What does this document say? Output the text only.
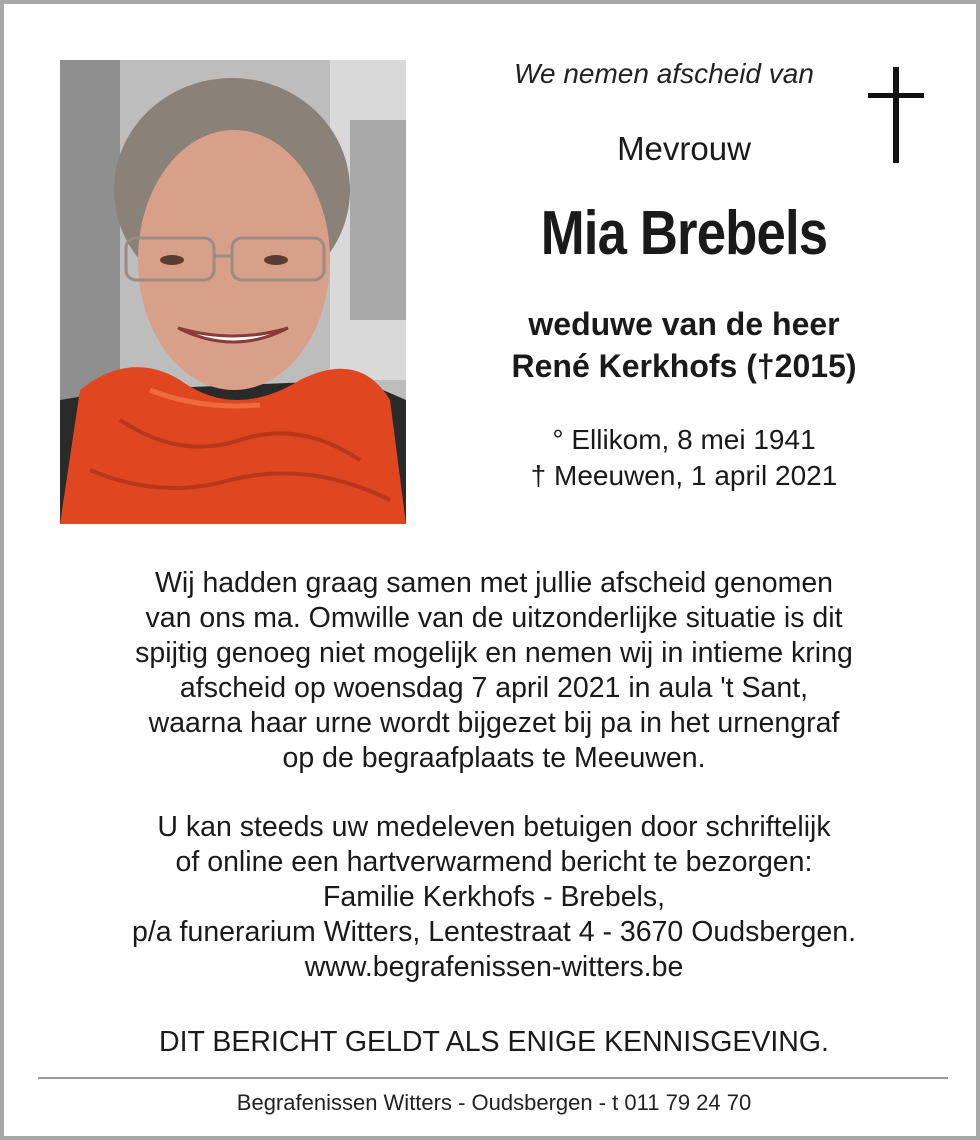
We nemen afscheid van
Mevrouw
Mia Brebels
weduwe van de heer
René Kerkhofs (†2015)
° Ellikom, 8 mei 1941
† Meeuwen, 1 april 2021
Wij hadden graag samen met jullie afscheid genomen
van ons ma. Omwille van de uitzonderlijke situatie is dit
spijtig genoeg niet mogelijk en nemen wij in intieme kring
afscheid op woensdag 7 april 2021 in aula 't Sant,
waarna haar urne wordt bijgezet bij pa in het urnengraf
op de begraafplaats te Meeuwen.
U kan steeds uw medeleven betuigen door schriftelijk
of online een hartverwarmend bericht te bezorgen:
Familie Kerkhofs - Brebels,
p/a funerarium Witters, Lentestraat 4 - 3670 Oudsbergen.
www.begrafenissen-witters.be
DIT BERICHT GELDT ALS ENIGE KENNISGEVING.
Begrafenissen Witters - Oudsbergen - t 011 79 24 70
